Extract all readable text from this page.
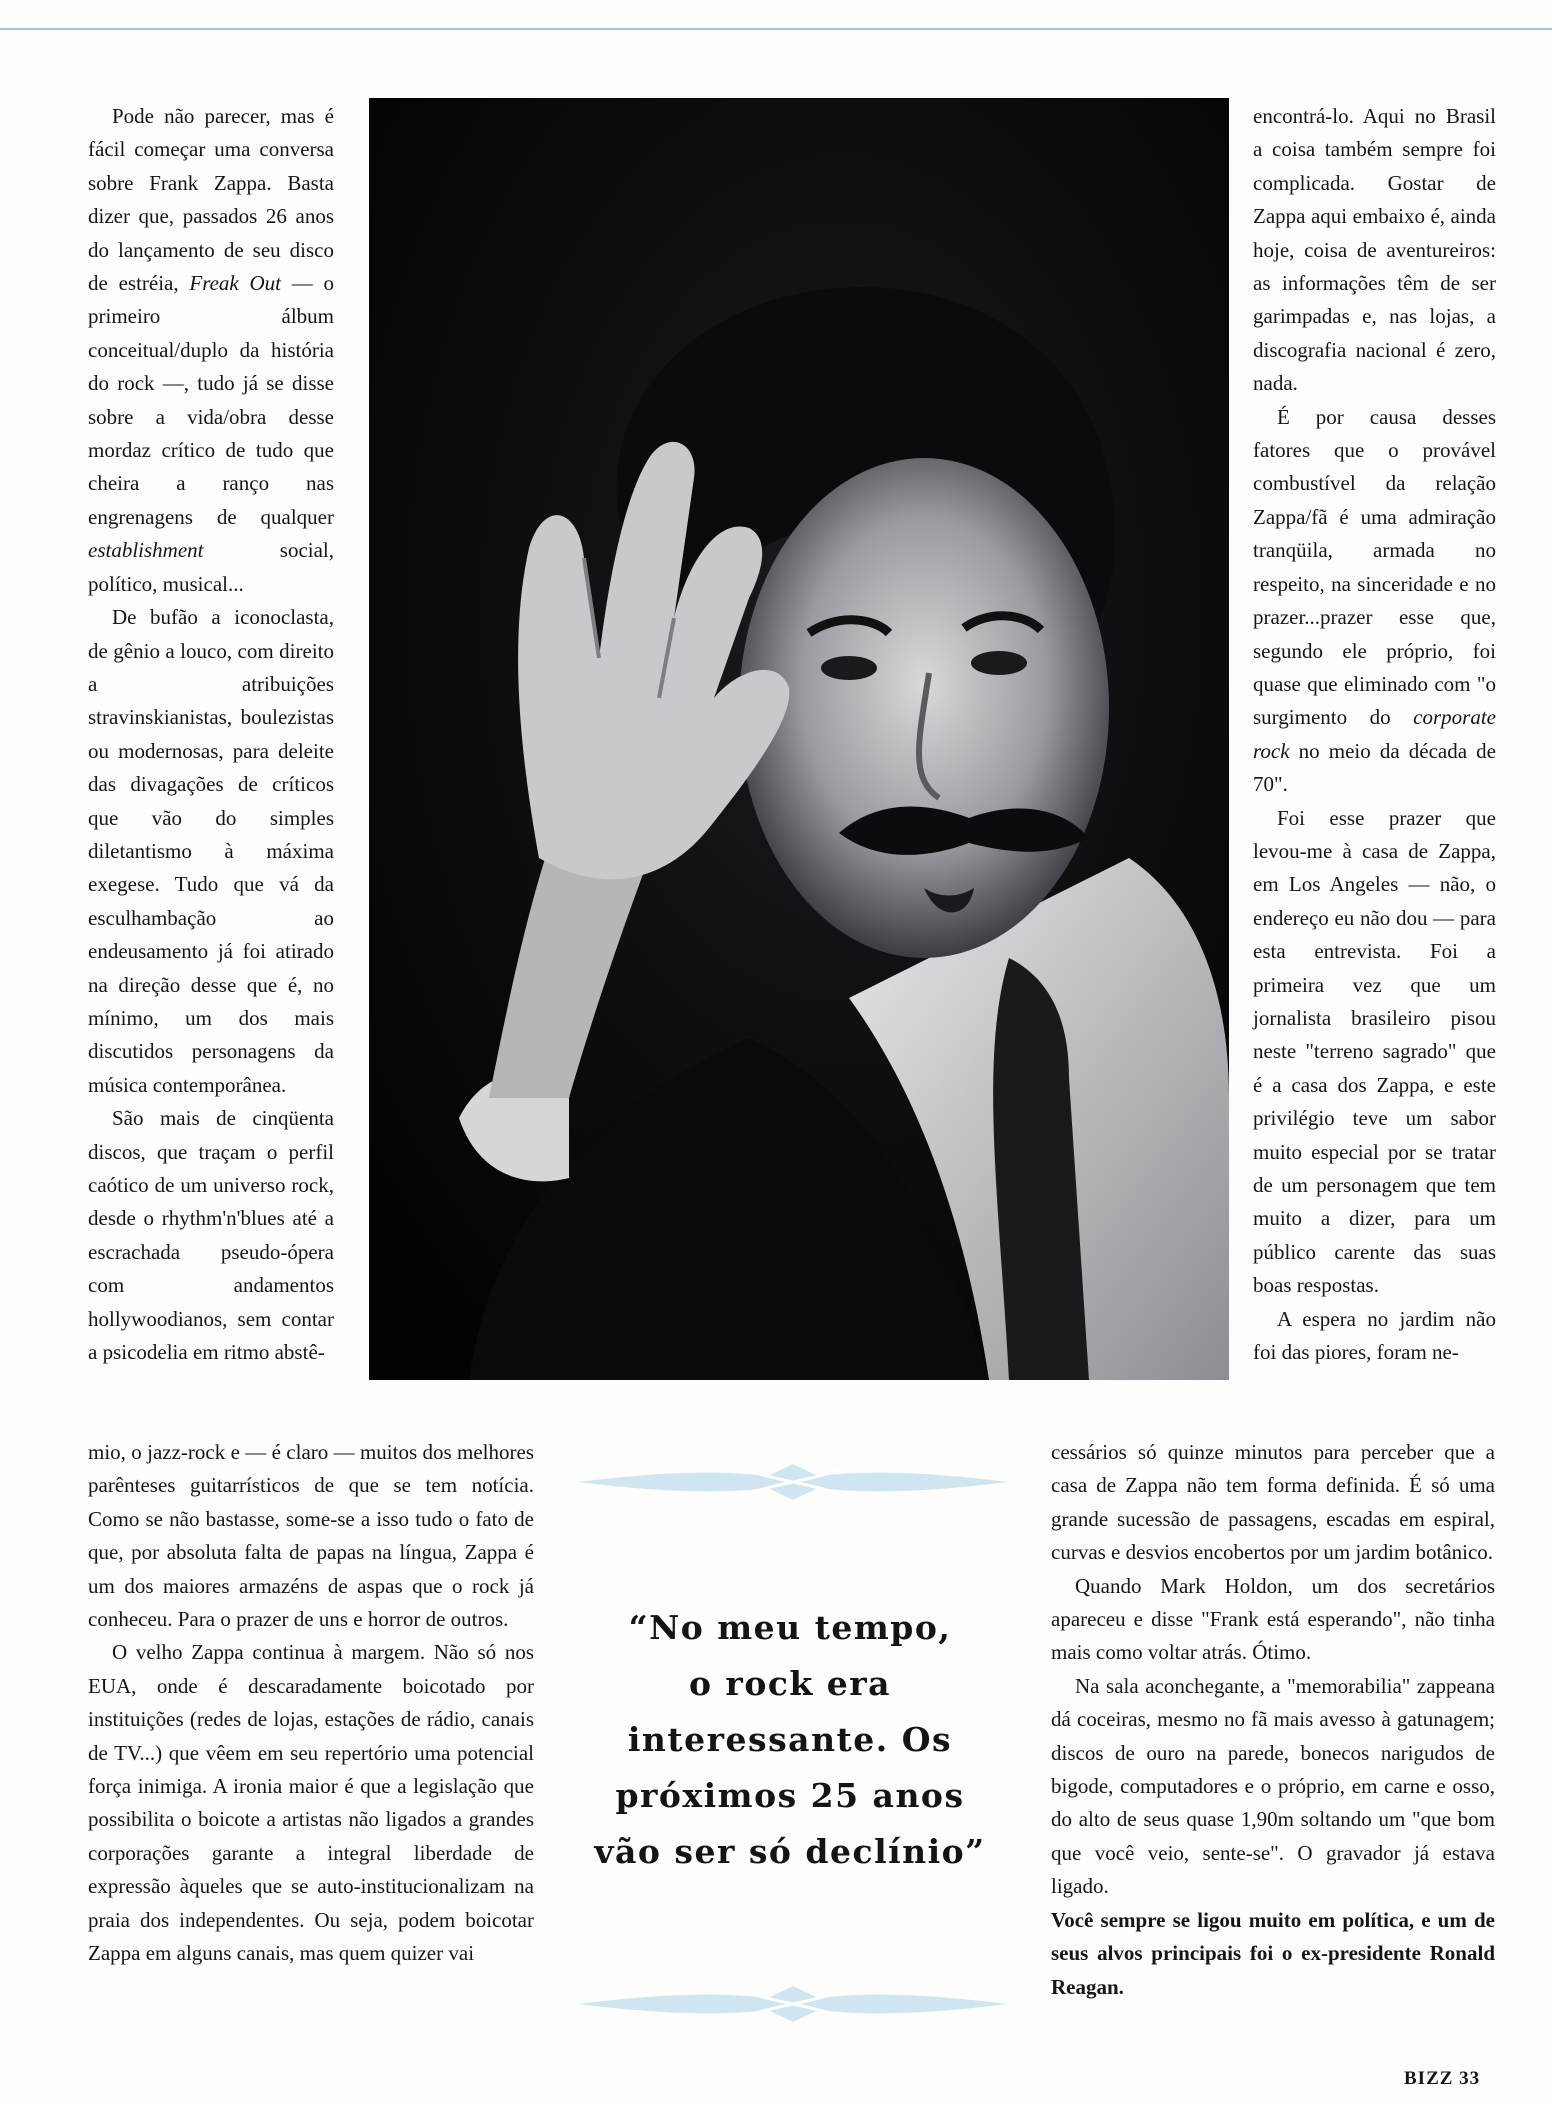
Pode não parecer, mas é fácil começar uma conversa sobre Frank Zappa. Basta dizer que, passados 26 anos do lançamento de seu disco de estréia, Freak Out — o primeiro álbum conceitual/duplo da história do rock —, tudo já se disse sobre a vida/obra desse mordaz crítico de tudo que cheira a ranço nas engrenagens de qualquer establishment	social, político, musical...

De bufão a iconoclasta, de gênio a louco, com direito a atribuições stravinskianistas, boulezistas ou modernosas, para deleite das divagações de críticos que vão do simples diletantismo à máxima exegese. Tudo que vá da esculhambação ao endeusamento já foi atirado na direção desse que é, no mínimo, um dos mais discutidos personagens da música contemporânea.

São mais de cinqüenta discos, que traçam o perfil caótico de um universo rock, desde o rhythm'n'blues até a escrachada pseudo-ópera com andamentos hollywoodianos, sem contar a psicodelia em ritmo abstê-

encontrá-lo. Aqui no Brasil a coisa também sempre foi complicada. Gostar de Zappa aqui embaixo é, ainda hoje, coisa de aventureiros: as informações têm de ser garimpadas e, nas lojas, a discografia nacional é zero, nada.

É por causa desses fatores que o provável combustível da relação Zappa/fã é uma admiração tranqüila, armada no respeito, na sinceridade e no prazer...prazer esse que, segundo ele próprio, foi quase que eliminado com "o surgimento do corporate rock no meio da década de 70".

Foi esse prazer que levou-me à casa de Zappa, em Los Angeles — não, o endereço eu não dou — para esta entrevista. Foi a primeira vez que um jornalista brasileiro pisou neste "terreno sagrado" que é a casa dos Zappa, e este privilégio teve um sabor muito especial por se tratar de um personagem que tem muito a dizer, para um público carente das suas boas respostas.

A espera no jardim não foi das piores, foram ne-

mio, o jazz-rock e — é claro — muitos dos melhores parênteses guitarrísticos de que se tem notícia. Como se não bastasse, some-se a isso tudo o fato de que, por absoluta falta de papas na língua, Zappa é um dos maiores armazéns de aspas que o rock já conheceu. Para o prazer de uns e horror de outros.

O velho Zappa continua à margem. Não só nos EUA, onde é descaradamente boicotado por instituições (redes de lojas, estações de rádio, canais de TV...) que vêem em seu repertório uma potencial força inimiga. A ironia maior é que a legislação que possibilita o boicote a artistas não ligados a grandes corporações garante a integral liberdade de expressão àqueles que se auto-institucionalizam na praia dos independentes. Ou seja, podem boicotar Zappa em alguns canais, mas quem quizer vai

cessários só quinze minutos para perceber que a casa de Zappa não tem forma definida. É só uma grande sucessão de passagens, escadas em espiral, curvas e desvios encobertos por um jardim botânico.

Quando Mark Holdon, um dos secretários apareceu e disse "Frank está esperando", não tinha mais como voltar atrás. Ótimo.

Na sala aconchegante, a "memorabilia" zappeana dá coceiras, mesmo no fã mais avesso à gatunagem; discos de ouro na parede, bonecos narigudos de bigode, computadores e o próprio, em carne e osso, do alto de seus quase 1,90m soltando um "que bom que você veio, sente-se". O gravador já estava ligado.

Você sempre se ligou muito em política, e um de seus alvos principais foi o ex-presidente Ronald Reagan.

“No meu tempo,
o rock era
interessante. Os
próximos 25 anos
vão ser só declínio”
BIZZ 33
